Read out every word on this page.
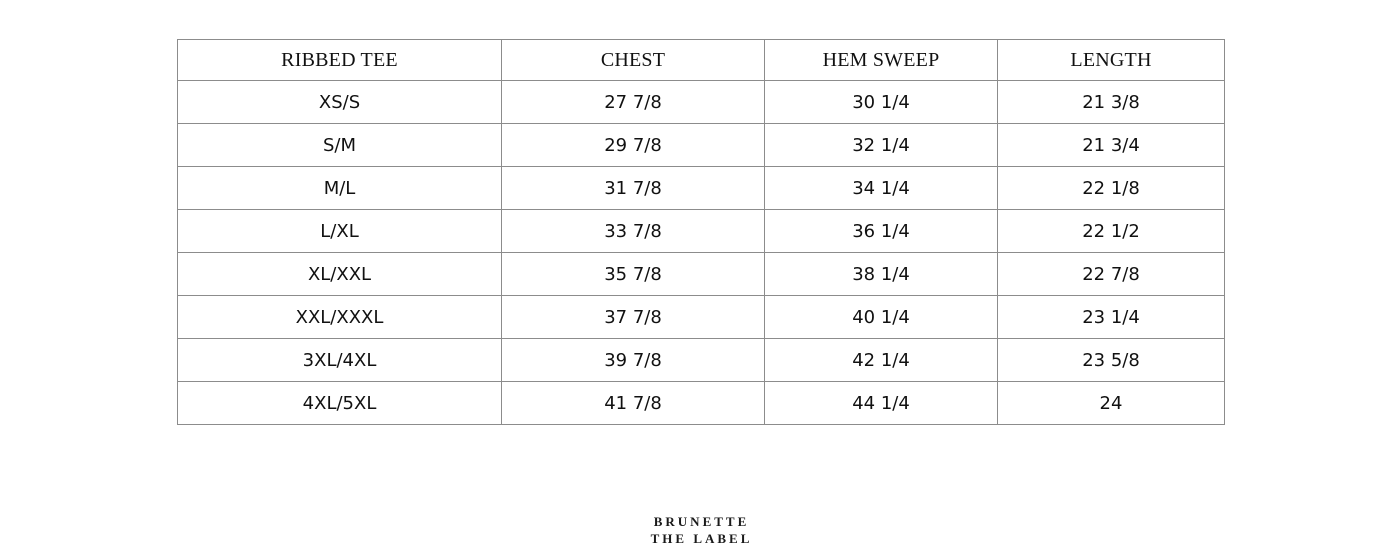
RIBBED TEE	CHEST	HEM SWEEP	LENGTH
XS/S	27 7/8	30 1/4	21 3/8
S/M	29 7/8	32 1/4	21 3/4
M/L	31 7/8	34 1/4	22 1/8
L/XL	33 7/8	36 1/4	22 1/2
XL/XXL	35 7/8	38 1/4	22 7/8
XXL/XXXL	37 7/8	40 1/4	23 1/4
3XL/4XL	39 7/8	42 1/4	23 5/8
4XL/5XL	41 7/8	44 1/4	24
BRUNETTE
THE LABEL
